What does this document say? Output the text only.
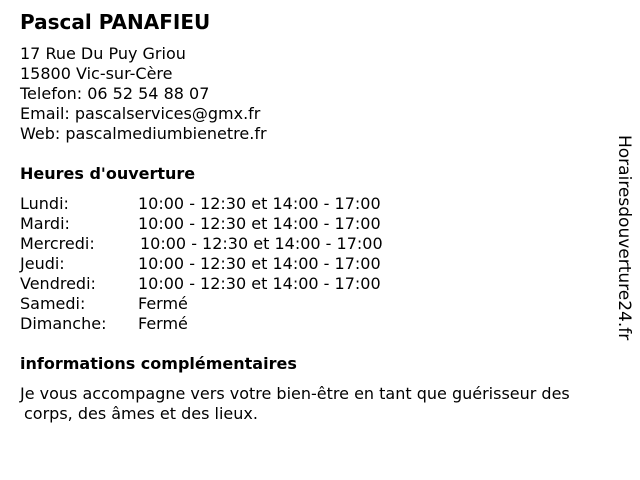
Pascal PANAFIEU
17 Rue Du Puy Griou
15800 Vic-sur-Cère
Telefon: 06 52 54 88 07
Email: pascalservices@gmx.fr
Web: pascalmediumbienetre.fr
Heures d'ouverture
Lundi:	10:00 - 12:30 et 14:00 - 17:00
Mardi:	10:00 - 12:30 et 14:00 - 17:00
Mercredi:	10:00 - 12:30 et 14:00 - 17:00
Jeudi:	10:00 - 12:30 et 14:00 - 17:00
Vendredi:	10:00 - 12:30 et 14:00 - 17:00
Samedi:	Fermé
Dimanche: Fermé
informations complémentaires
Je vous accompagne vers votre bien-être en tant que guérisseur des
corps, des âmes et des lieux.
Horairesdouverture24.fr
